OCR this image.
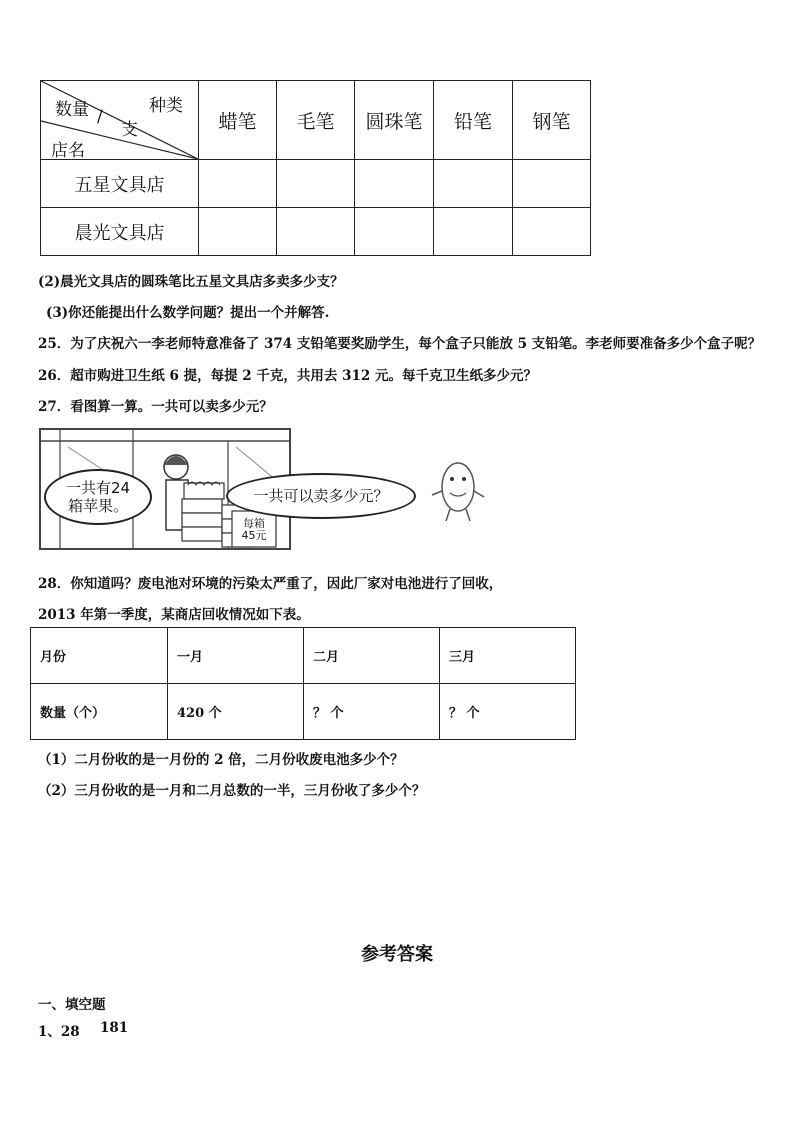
种类
数量 /
支
店名	蜡笔	毛笔	圆珠笔	铅笔	钢笔
五星文具店					
晨光文具店					
(2)晨光文具店的圆珠笔比五星文具店多卖多少支？
(3)你还能提出什么数学问题？提出一个并解答.
25．为了庆祝六一李老师特意准备了 374 支铅笔要奖励学生，每个盒子只能放 5 支铅笔。李老师要准备多少个盒子呢？
26．超市购进卫生纸 6 提，每提 2 千克，共用去 312 元。每千克卫生纸多少元？
27．看图算一算。一共可以卖多少元？
一共有24
箱苹果。
一共可以卖多少元？
每箱
45元
28．你知道吗？废电池对环境的污染太严重了，因此厂家对电池进行了回收，
2013 年第一季度，某商店回收情况如下表。
月份	一月	二月	三月
数量（个）	420 个	？ 个	？ 个
（1）二月份收的是一月份的 2 倍，二月份收废电池多少个？
（2）三月份收的是一月和二月总数的一半，三月份收了多少个？
参考答案
一、填空题
1、28 181
